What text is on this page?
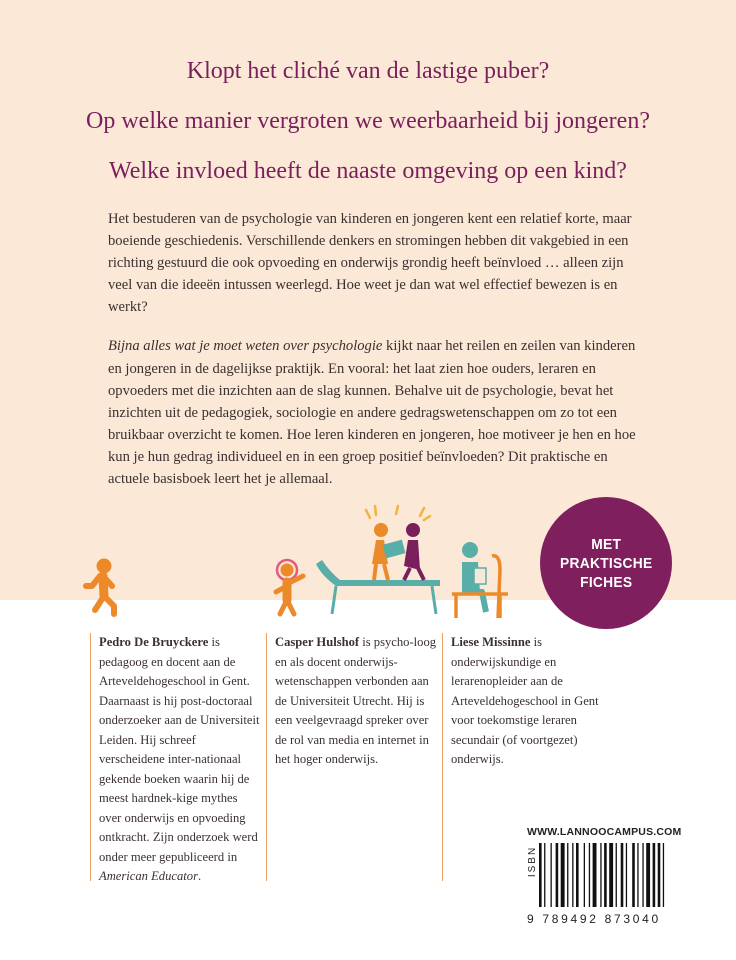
Klopt het cliché van de lastige puber?

Op welke manier vergroten we weerbaarheid bij jongeren?

Welke invloed heeft de naaste omgeving op een kind?

Het bestuderen van de psychologie van kinderen en jongeren kent een relatief korte, maar boeiende geschiedenis. Verschillende denkers en stromingen hebben dit vakgebied in een richting gestuurd die ook opvoeding en onderwijs grondig heeft beïnvloed … alleen zijn veel van die ideeën intussen weerlegd. Hoe weet je dan wat wel effectief bewezen is en werkt?

Bijna alles wat je moet weten over psychologie kijkt naar het reilen en zeilen van kinderen en jongeren in de dagelijkse praktijk. En vooral: het laat zien hoe ouders, leraren en opvoeders met die inzichten aan de slag kunnen. Behalve uit de psychologie, bevat het inzichten uit de pedagogiek, sociologie en andere gedragswetenschappen om zo tot een bruikbaar overzicht te komen. Hoe leren kinderen en jongeren, hoe motiveer je hen en hoe kun je hun gedrag individueel en in een groep positief beïnvloeden? Dit praktische en actuele basisboek leert het je allemaal.

MET
PRAKTISCHE
FICHES
Pedro De Bruyckere is pedagoog en docent aan de Arteveldehogeschool in Gent. Daarnaast is hij post-doctoraal onderzoeker aan de Universiteit Leiden. Hij schreef verscheidene inter-nationaal gekende boeken waarin hij de meest hardnek-kige mythes over onderwijs en opvoeding ontkracht. Zijn onderzoek werd onder meer gepubliceerd in American Educator.
Casper Hulshof is psycho-loog en als docent onderwijs-wetenschappen verbonden aan de Universiteit Utrecht. Hij is een veelgevraagd spreker over de rol van media en internet in het hoger onderwijs.
Liese Missinne is onderwijskundige en lerarenopleider aan de Arteveldehogeschool in Gent voor toekomstige leraren secundair (of voortgezet) onderwijs.
WWW.LANNOOCAMPUS.COM
ISBN
9 789492 873040
